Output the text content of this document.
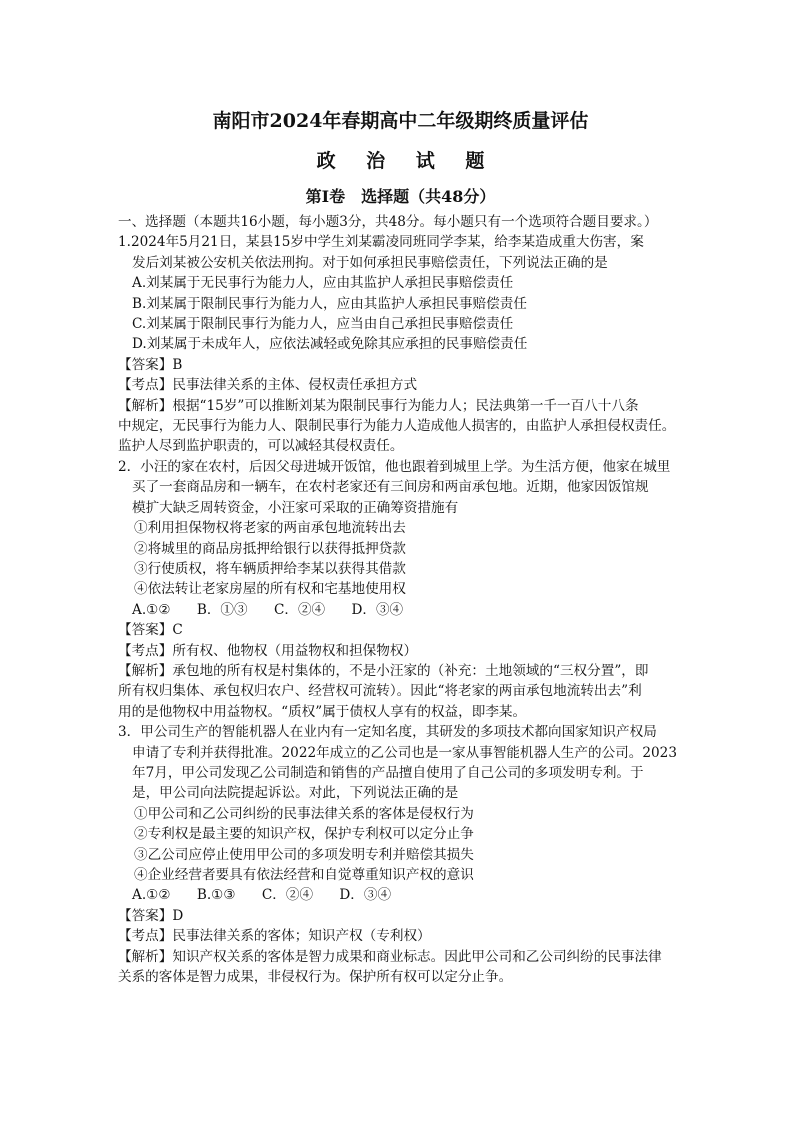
南阳市2024年春期高中二年级期终质量评估
政 治 试 题
第Ⅰ卷　选择题（共48分）
一、选择题（本题共16小题，每小题3分，共48分。每小题只有一个选项符合题目要求。）
1.2024年5月21日，某县15岁中学生刘某霸凌同班同学李某，给李某造成重大伤害，案
发后刘某被公安机关依法刑拘。对于如何承担民事赔偿责任，下列说法正确的是
A.刘某属于无民事行为能力人，应由其监护人承担民事赔偿责任
B.刘某属于限制民事行为能力人，应由其监护人承担民事赔偿责任
C.刘某属于限制民事行为能力人，应当由自己承担民事赔偿责任
D.刘某属于未成年人，应依法减轻或免除其应承担的民事赔偿责任
【答案】B
【考点】民事法律关系的主体、侵权责任承担方式
【解析】根据“15岁”可以推断刘某为限制民事行为能力人；民法典第一千一百八十八条
中规定，无民事行为能力人、限制民事行为能力人造成他人损害的，由监护人承担侵权责任。
监护人尽到监护职责的，可以减轻其侵权责任。
2．小汪的家在农村，后因父母进城开饭馆，他也跟着到城里上学。为生活方便，他家在城里
买了一套商品房和一辆车，在农村老家还有三间房和两亩承包地。近期，他家因饭馆规
模扩大缺乏周转资金，小汪家可采取的正确筹资措施有
①利用担保物权将老家的两亩承包地流转出去
②将城里的商品房抵押给银行以获得抵押贷款
③行使质权，将车辆质押给李某以获得其借款
④依法转让老家房屋的所有权和宅基地使用权
A.①② B．①③ C．②④ D．③④
【答案】C
【考点】所有权、他物权（用益物权和担保物权）
【解析】承包地的所有权是村集体的，不是小汪家的（补充：土地领域的“三权分置”，即
所有权归集体、承包权归农户、经营权可流转）。因此“将老家的两亩承包地流转出去”利
用的是他物权中用益物权。“质权”属于债权人享有的权益，即李某。
3．甲公司生产的智能机器人在业内有一定知名度，其研发的多项技术都向国家知识产权局
申请了专利并获得批准。2022年成立的乙公司也是一家从事智能机器人生产的公司。2023
年7月，甲公司发现乙公司制造和销售的产品擅自使用了自己公司的多项发明专利。于
是，甲公司向法院提起诉讼。对此，下列说法正确的是
①甲公司和乙公司纠纷的民事法律关系的客体是侵权行为
②专利权是最主要的知识产权，保护专利权可以定分止争
③乙公司应停止使用甲公司的多项发明专利并赔偿其损失
④企业经营者要具有依法经营和自觉尊重知识产权的意识
A.①② B.①③ C．②④ D．③④
【答案】D
【考点】民事法律关系的客体；知识产权（专利权）
【解析】知识产权关系的客体是智力成果和商业标志。因此甲公司和乙公司纠纷的民事法律
关系的客体是智力成果，非侵权行为。保护所有权可以定分止争。
